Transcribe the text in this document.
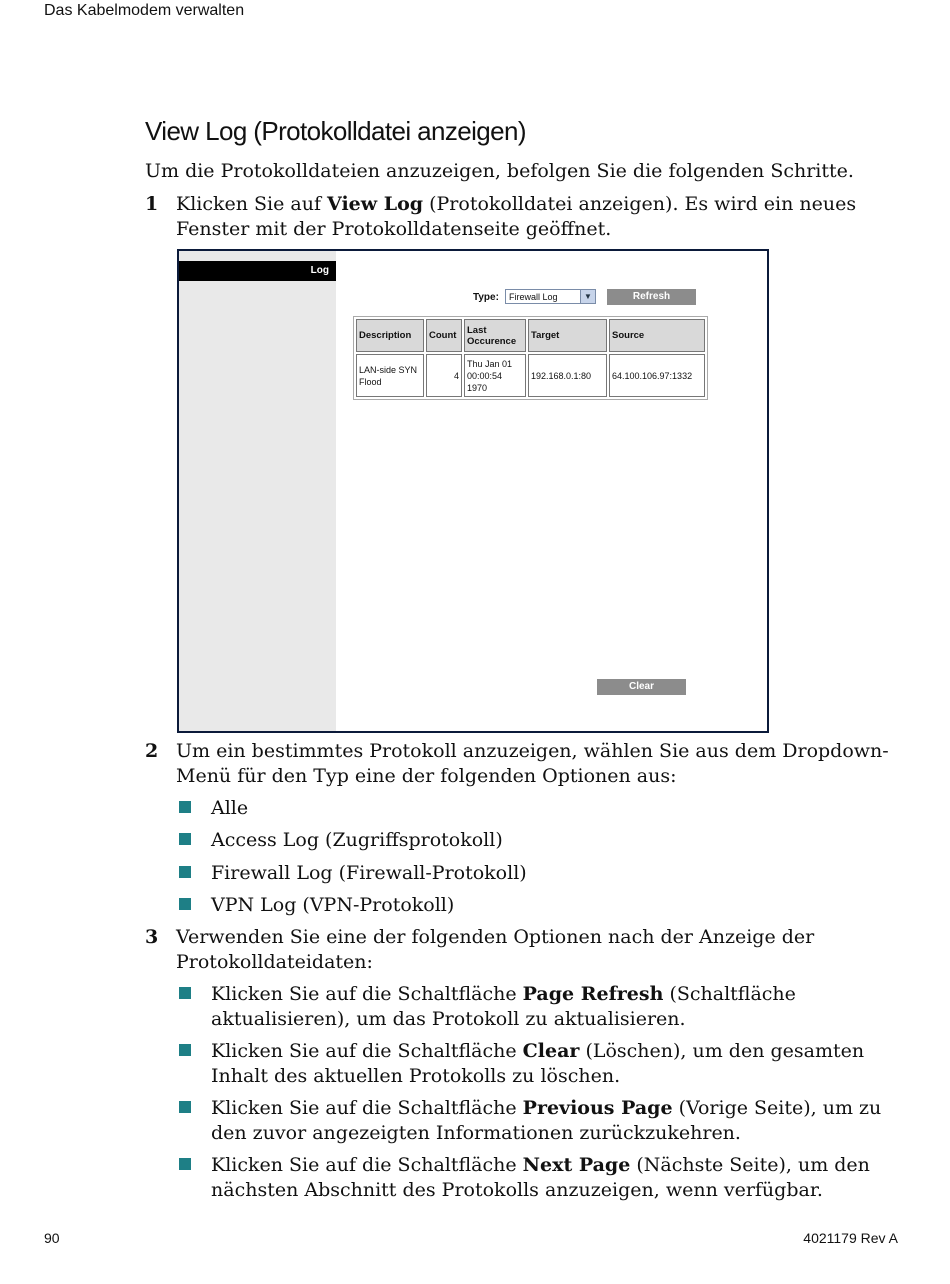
Das Kabelmodem verwalten
View Log (Protokolldatei anzeigen)
Um die Protokolldateien anzuzeigen, befolgen Sie die folgenden Schritte.
1 Klicken Sie auf View Log (Protokolldatei anzeigen). Es wird ein neues Fenster mit der Protokolldatenseite geöffnet.
Log
Type:	Firewall Log	▼	Refresh
Description	Count	Last Occurence	Target	Source
LAN-side SYN Flood	4	Thu Jan 01 00:00:54 1970	192.168.0.1:80	64.100.106.97:1332
Clear
2 Um ein bestimmtes Protokoll anzuzeigen, wählen Sie aus dem Dropdown-Menü für den Typ eine der folgenden Optionen aus:
Alle
Access Log (Zugriffsprotokoll)
Firewall Log (Firewall-Protokoll)
VPN Log (VPN-Protokoll)
3 Verwenden Sie eine der folgenden Optionen nach der Anzeige der Protokolldateidaten:
Klicken Sie auf die Schaltfläche Page Refresh (Schaltfläche aktualisieren), um das Protokoll zu aktualisieren.
Klicken Sie auf die Schaltfläche Clear (Löschen), um den gesamten Inhalt des aktuellen Protokolls zu löschen.
Klicken Sie auf die Schaltfläche Previous Page (Vorige Seite), um zu den zuvor angezeigten Informationen zurückzukehren.
Klicken Sie auf die Schaltfläche Next Page (Nächste Seite), um den nächsten Abschnitt des Protokolls anzuzeigen, wenn verfügbar.
90	4021179 Rev A
